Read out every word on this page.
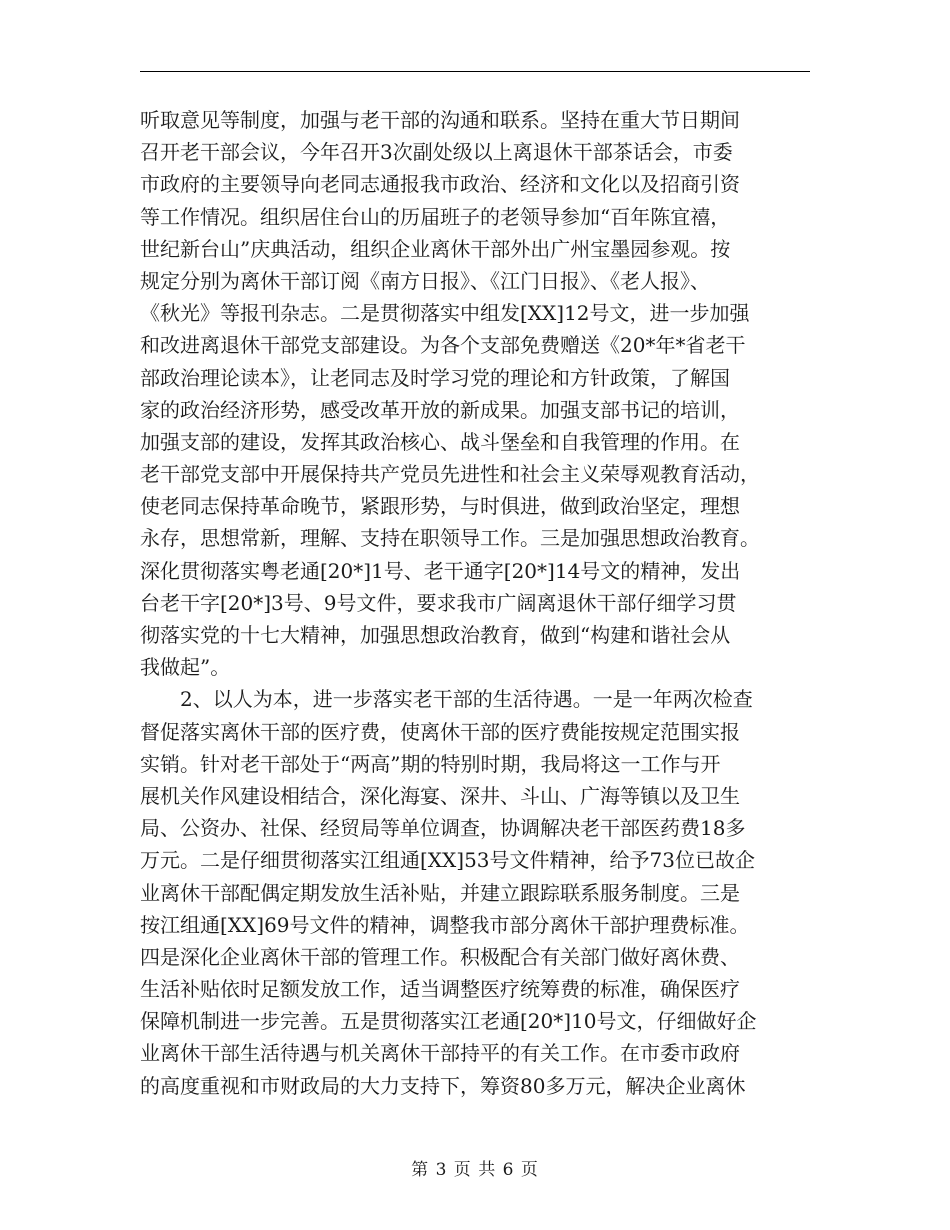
听取意见等制度，加强与老干部的沟通和联系。坚持在重大节日期间
召开老干部会议，今年召开3次副处级以上离退休干部茶话会，市委
市政府的主要领导向老同志通报我市政治、经济和文化以及招商引资
等工作情况。组织居住台山的历届班子的老领导参加“百年陈宜禧，
世纪新台山”庆典活动，组织企业离休干部外出广州宝墨园参观。按
规定分别为离休干部订阅《南方日报》、《江门日报》、《老人报》、
《秋光》等报刊杂志。二是贯彻落实中组发[XX]12号文，进一步加强
和改进离退休干部党支部建设。为各个支部免费赠送《20*年*省老干
部政治理论读本》，让老同志及时学习党的理论和方针政策，了解国
家的政治经济形势，感受改革开放的新成果。加强支部书记的培训，
加强支部的建设，发挥其政治核心、战斗堡垒和自我管理的作用。在
老干部党支部中开展保持共产党员先进性和社会主义荣辱观教育活动，
使老同志保持革命晚节，紧跟形势，与时俱进，做到政治坚定，理想
永存，思想常新，理解、支持在职领导工作。三是加强思想政治教育。
深化贯彻落实粤老通[20*]1号、老干通字[20*]14号文的精神，发出
台老干字[20*]3号、9号文件，要求我市广阔离退休干部仔细学习贯
彻落实党的十七大精神，加强思想政治教育，做到“构建和谐社会从
我做起”。
2、以人为本，进一步落实老干部的生活待遇。一是一年两次检查
督促落实离休干部的医疗费，使离休干部的医疗费能按规定范围实报
实销。针对老干部处于“两高”期的特别时期，我局将这一工作与开
展机关作风建设相结合，深化海宴、深井、斗山、广海等镇以及卫生
局、公资办、社保、经贸局等单位调查，协调解决老干部医药费18多
万元。二是仔细贯彻落实江组通[XX]53号文件精神，给予73位已故企
业离休干部配偶定期发放生活补贴，并建立跟踪联系服务制度。三是
按江组通[XX]69号文件的精神，调整我市部分离休干部护理费标准。
四是深化企业离休干部的管理工作。积极配合有关部门做好离休费、
生活补贴依时足额发放工作，适当调整医疗统筹费的标准，确保医疗
保障机制进一步完善。五是贯彻落实江老通[20*]10号文，仔细做好企
业离休干部生活待遇与机关离休干部持平的有关工作。在市委市政府
的高度重视和市财政局的大力支持下，筹资80多万元，解决企业离休
第 3 页 共 6 页
